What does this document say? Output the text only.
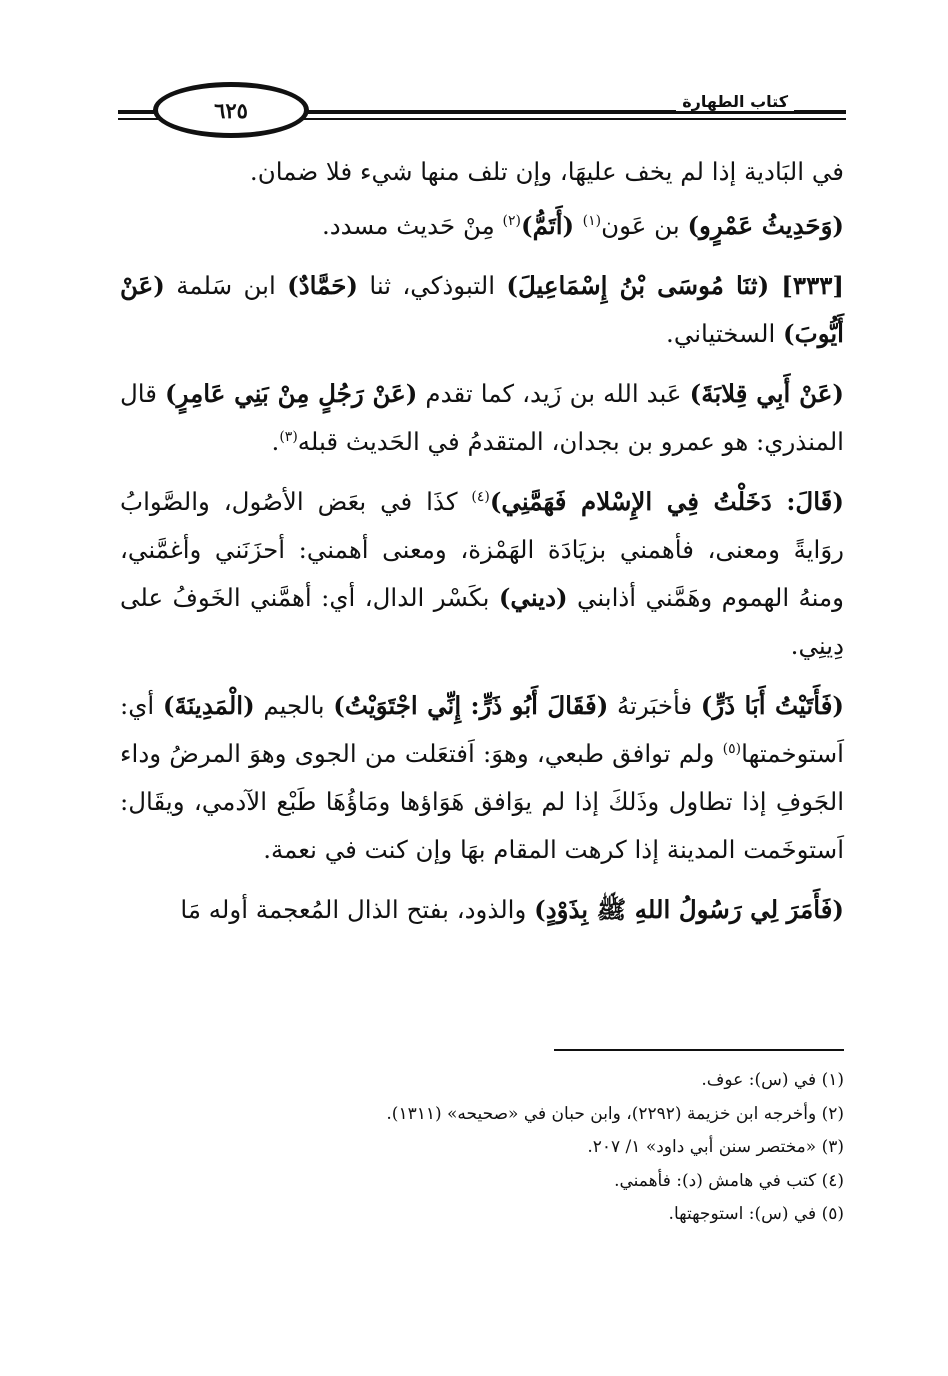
٦٢٥	كتاب الطهارة

في البَادية إذا لم يخف عليهَا، وإن تلف منها شيء فلا ضمان.

(وَحَدِيثُ عَمْرٍو) بن عَون$^{(١)}$ (أَتَمُّ)$^{(٢)}$ مِنْ حَديث مسدد.

[٣٣٣] (ثنَا مُوسَى بْنُ إِسْمَاعِيلَ) التبوذكي، ثنا (حَمَّادٌ) ابن سَلمة (عَنْ أَيُّوبَ) السختياني.

(عَنْ أَبِي قِلابَةَ) عَبد الله بن زَيد، كما تقدم (عَنْ رَجُلٍ مِنْ بَنِي عَامِرٍ) قال المنذري: هو عمرو بن بجدان، المتقدمُ في الحَديث قبله$^{(٣)}$.

(قَالَ: دَخَلْتُ فِي الإِسْلام فَهَمَّنِي)$^{(٤)}$ كذَا في بعَض الأصُول، والصَّوابُ روَايةً ومعنى، فأهمني بزيَادَة الهَمْزة، ومعنى أهمني: أحزَنَني وأغمَّني، ومنهُ الهموم وهَمَّني أذابني (ديني) بكَسْر الدال، أي: أهمَّني الخَوفُ على دِينِي.

(فَأَتَيْتُ أَبَا ذَرٍّ) فأخبَرتهُ (فَقَالَ أَبُو ذَرٍّ: إِنِّي اجْتَوَيْتُ) بالجيم (الْمَدِينَةَ) أي: اَستوخمتها$^{(٥)}$ ولم توافق طبعي، وهوَ: اَفتعَلت من الجوى وهوَ المرضُ وداء الجَوفِ إذا تطاول وذَلكَ إذا لم يوَافق هَوَاؤها ومَاؤُهَا طَبْع الآدمي، ويقَال: اَستوخَمت المدينة إذا كرهت المقام بهَا وإن كنت في نعمة.

(فَأَمَرَ لِي رَسُولُ اللهِ ﷺ بِذَوْدٍ) والذود، بفتح الذال المُعجمة أوله مَا

(١) في (س): عوف.
(٢) وأخرجه ابن خزيمة (٢٢٩٢)، وابن حبان في «صحيحه» (١٣١١).
(٣) «مختصر سنن أبي داود» ١/ ٢٠٧.
(٤) كتب في هامش (د): فأهمني.
(٥) في (س): استوجهتها.
